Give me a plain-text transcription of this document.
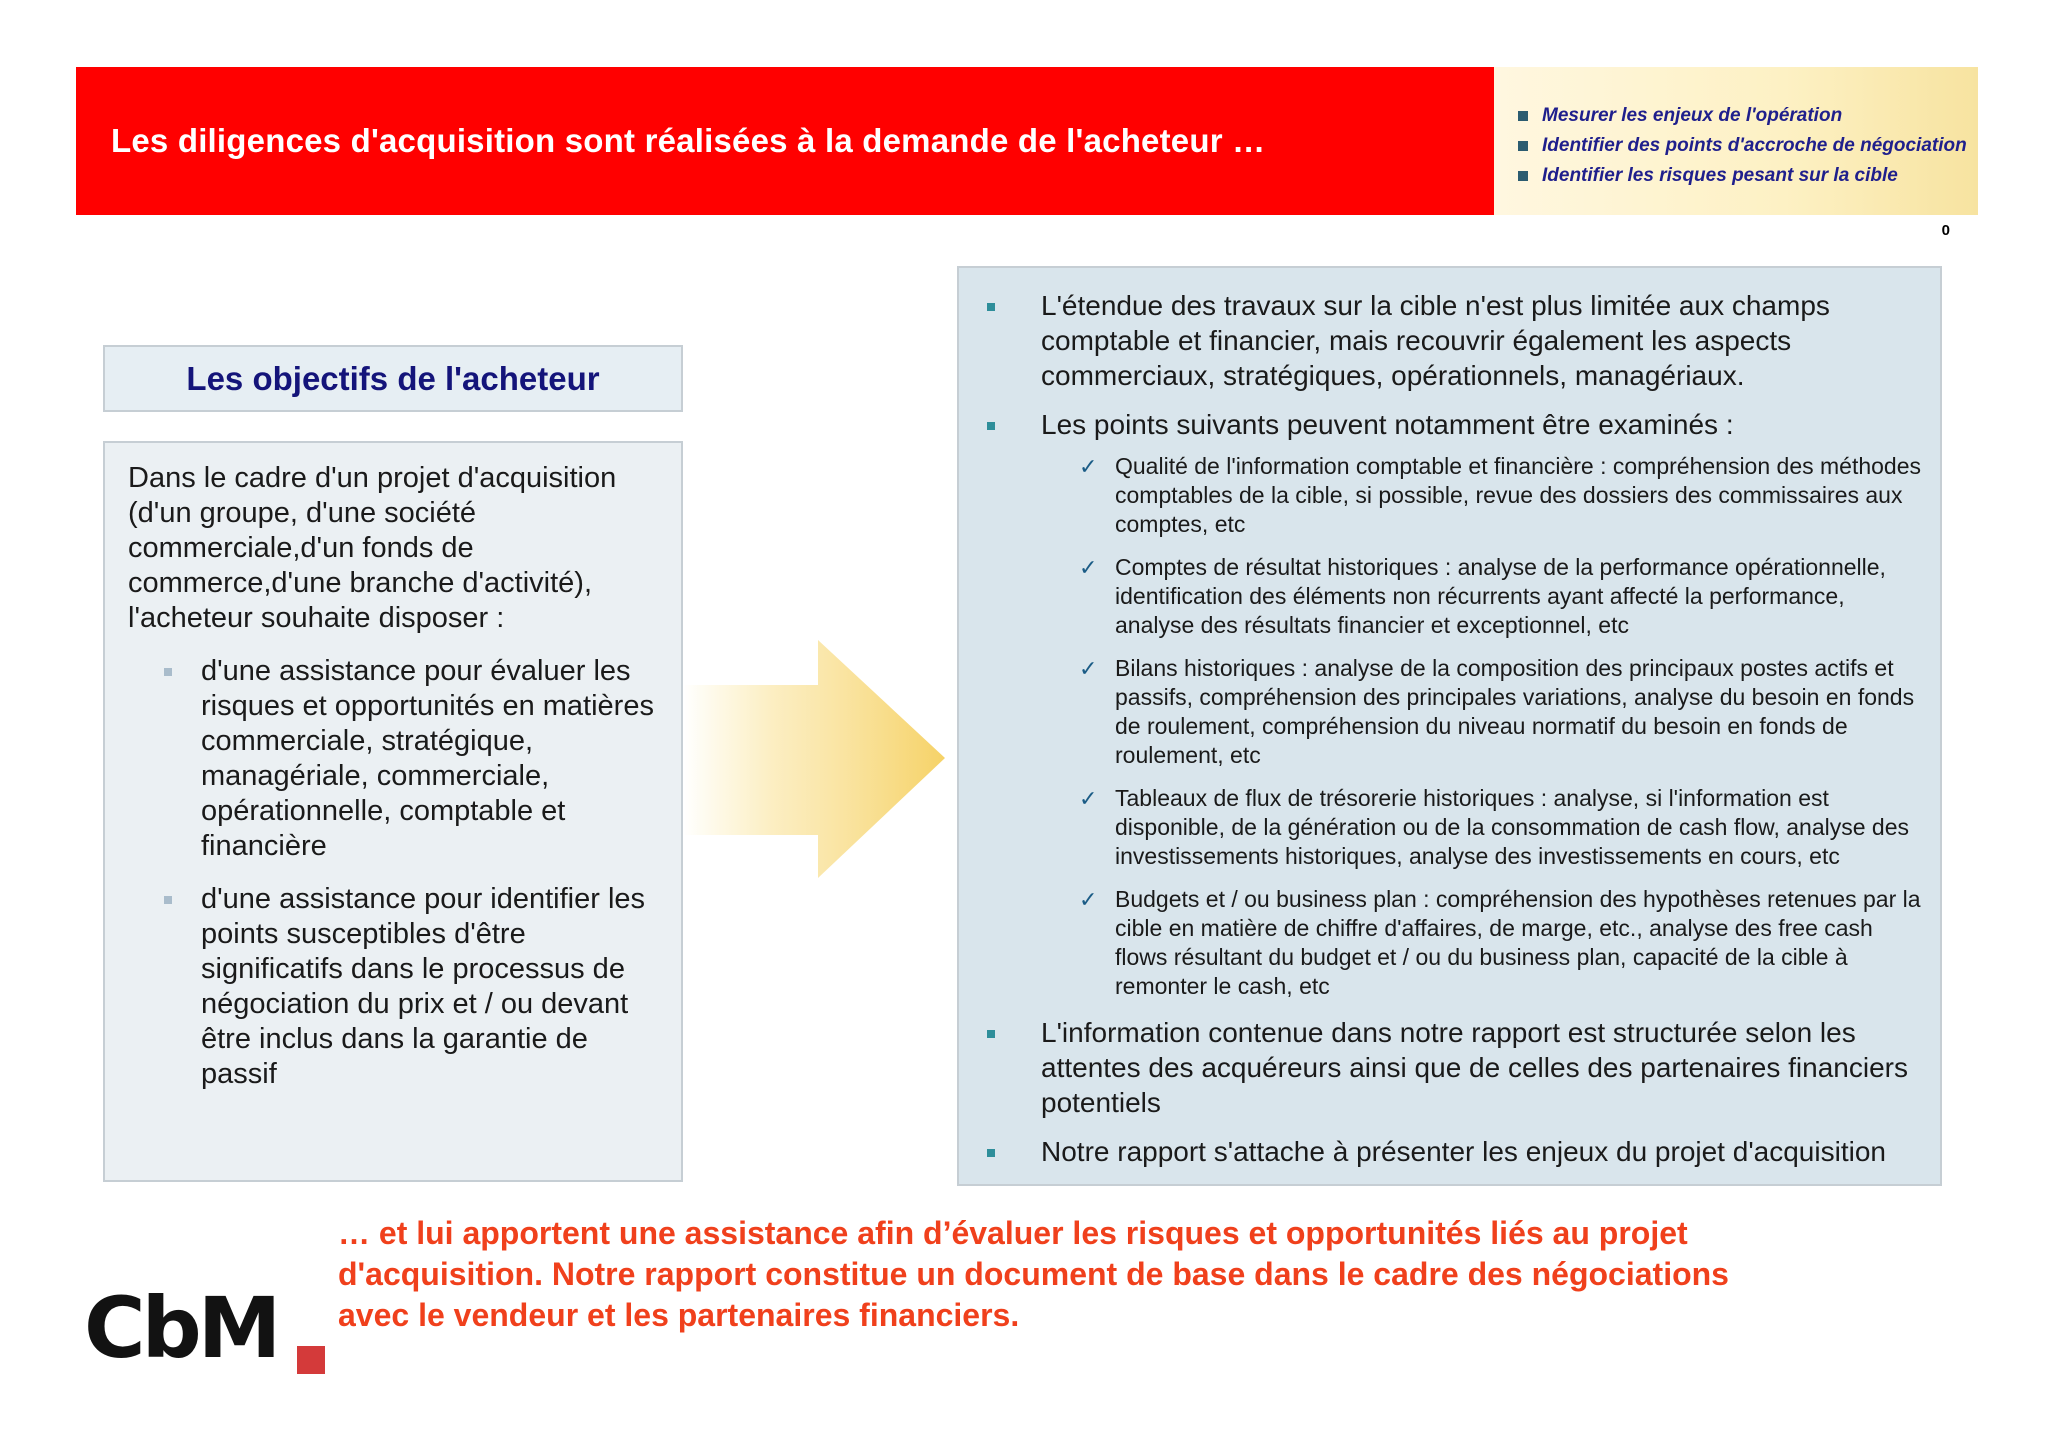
Les diligences d'acquisition sont réalisées à la demande de l'acheteur …
Mesurer les enjeux de l'opération
Identifier des points d'accroche de négociation
Identifier les risques pesant sur la cible
0
Les objectifs de l'acheteur

Dans le cadre d'un projet d'acquisition (d'un groupe, d'une société commerciale,d'un fonds de commerce,d'une branche d'activité), l'acheteur souhaite disposer :

d'une assistance pour évaluer les risques et opportunités en matières commerciale, stratégique, managériale, commerciale, opérationnelle, comptable et financière
d'une assistance pour identifier les points susceptibles d'être significatifs dans le processus de négociation du prix et / ou devant être inclus dans la garantie de passif
L'étendue des travaux sur la cible n'est plus limitée aux champs comptable et financier, mais recouvrir également les aspects commerciaux, stratégiques, opérationnels, managériaux.
Les points suivants peuvent notamment être examinés :
✓ Qualité de l'information comptable et financière : compréhension des méthodes comptables de la cible, si possible, revue des dossiers des commissaires aux comptes, etc
✓ Comptes de résultat historiques : analyse de la performance opérationnelle, identification des éléments non récurrents ayant affecté la performance, analyse des résultats financier et exceptionnel, etc
✓ Bilans historiques : analyse de la composition des principaux postes actifs et passifs, compréhension des principales variations, analyse du besoin en fonds de roulement, compréhension du niveau normatif du besoin en fonds de roulement, etc
✓ Tableaux de flux de trésorerie historiques : analyse, si l'information est disponible, de la génération ou de la consommation de cash flow, analyse des investissements historiques, analyse des investissements en cours, etc
✓ Budgets et / ou business plan : compréhension des hypothèses retenues par la cible en matière de chiffre d'affaires, de marge, etc., analyse des free cash flows résultant du budget et / ou du business plan, capacité de la cible à remonter le cash, etc
L'information contenue dans notre rapport est structurée selon les attentes des acquéreurs ainsi que de celles des partenaires financiers potentiels
Notre rapport s'attache à présenter les enjeux du projet d'acquisition
… et lui apportent une assistance afin d’évaluer les risques et opportunités liés au projet d'acquisition. Notre rapport constitue un document de base dans le cadre des négociations avec le vendeur et les partenaires financiers.
CbM
